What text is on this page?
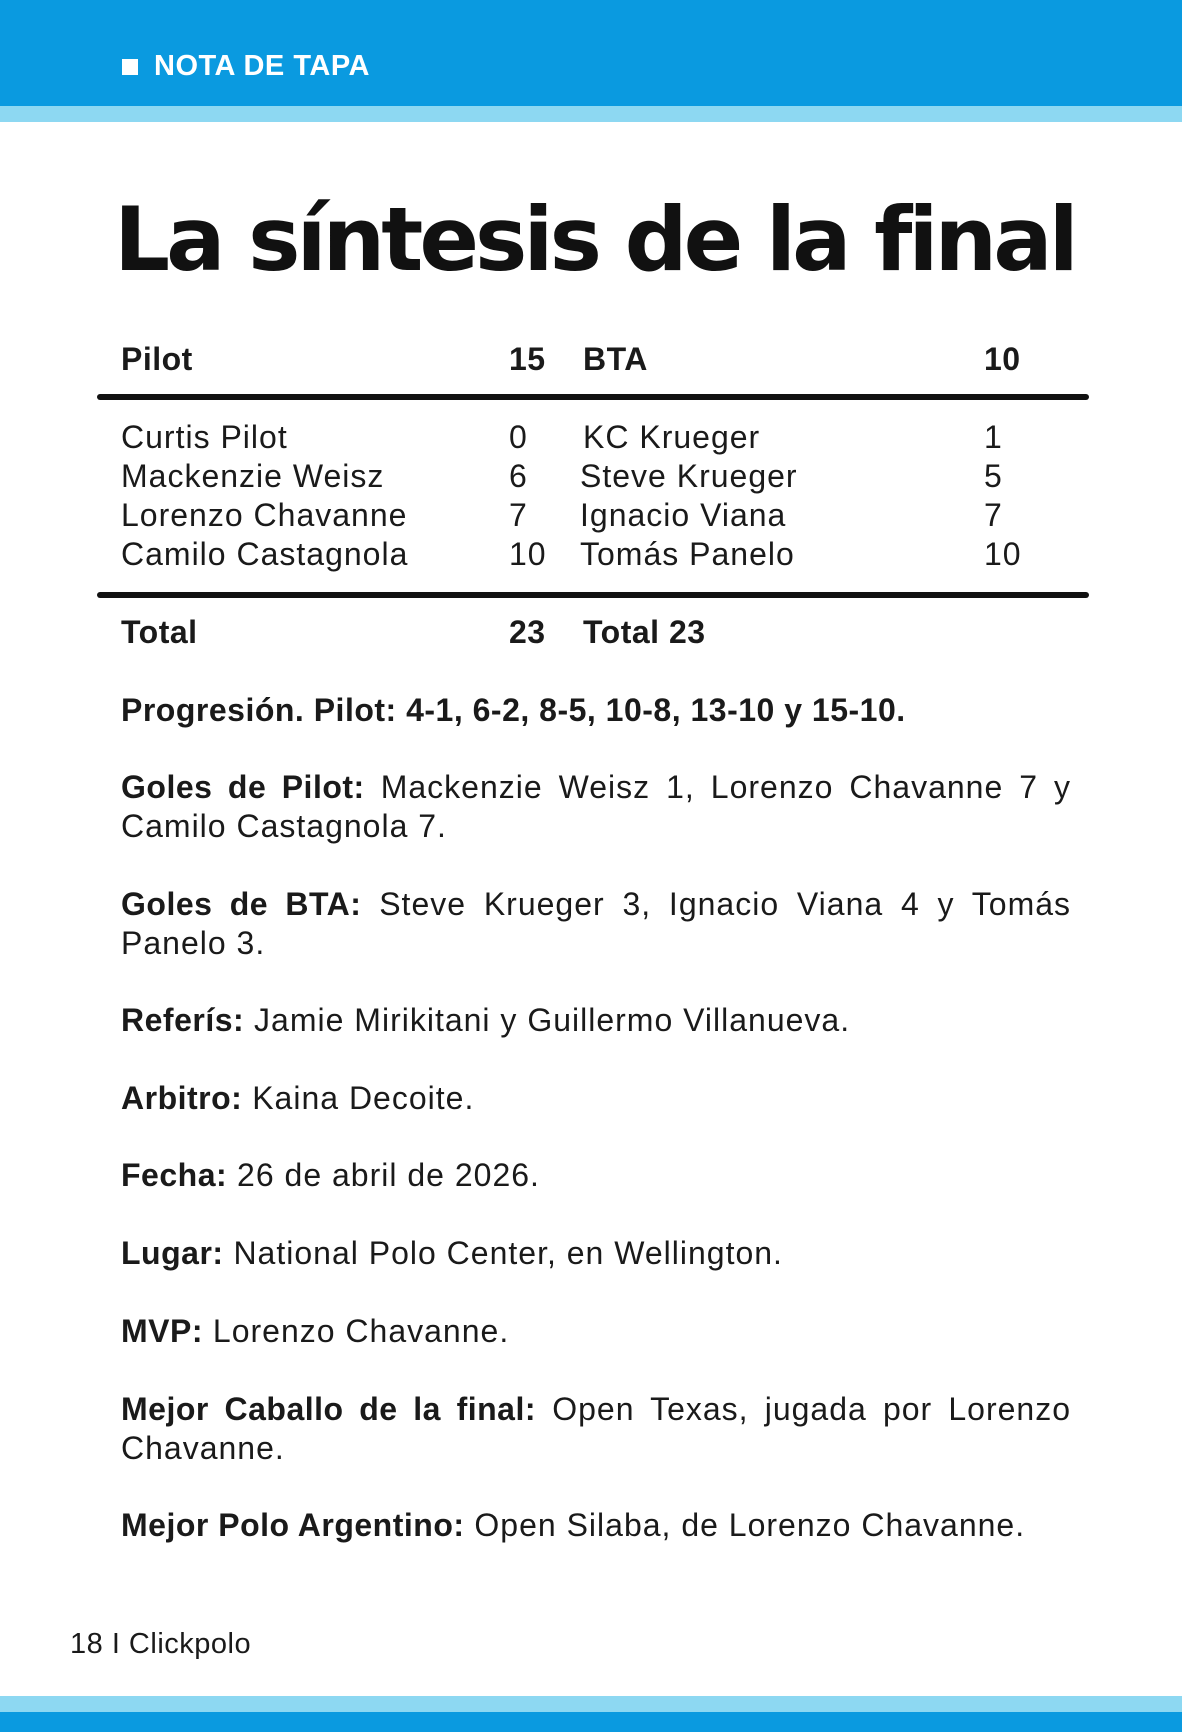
NOTA DE TAPA
La síntesis de la final
Pilot	15 BTA	10
Curtis Pilot	0 KC Krueger	1
Mackenzie Weisz	6 Steve Krueger	5
Lorenzo Chavanne	7 Ignacio Viana	7
Camilo Castagnola	10 Tomás Panelo	10
Total	23 Total 23

Progresión. Pilot: 4-1, 6-2, 8-5, 10-8, 13-10 y 15-10.

Goles de Pilot: Mackenzie Weisz 1, Lorenzo Chavanne 7 y Camilo Castagnola 7.

Goles de BTA: Steve Krueger 3, Ignacio Viana 4 y Tomás Panelo 3.

Referís: Jamie Mirikitani y Guillermo Villanueva.

Arbitro: Kaina Decoite.

Fecha: 26 de abril de 2026.

Lugar: National Polo Center, en Wellington.

MVP: Lorenzo Chavanne.

Mejor Caballo de la final: Open Texas, jugada por Lorenzo Chavanne.

Mejor Polo Argentino: Open Silaba, de Lorenzo Chavanne.

18 I Clickpolo
